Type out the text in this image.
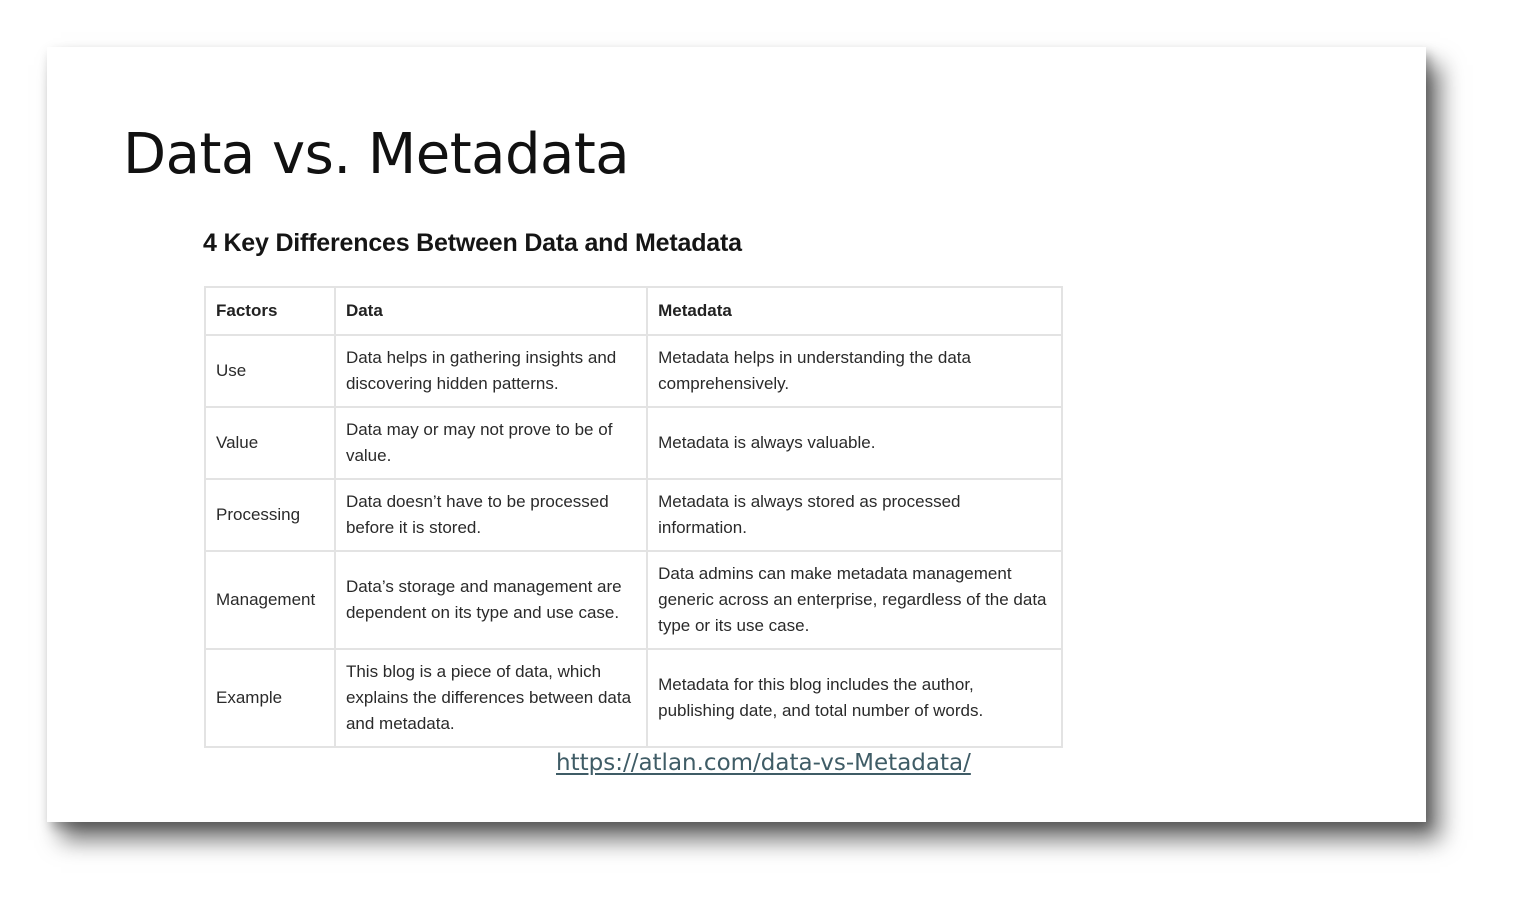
Data vs. Metadata
4 Key Differences Between Data and Metadata
Factors	Data	Metadata
Use	Data helps in gathering insights and discovering hidden patterns.	Metadata helps in understanding the data comprehensively.
Value	Data may or may not prove to be of value.	Metadata is always valuable.
Processing	Data doesn’t have to be processed before it is stored.	Metadata is always stored as processed information.
Management	Data’s storage and management are dependent on its type and use case.	Data admins can make metadata management generic across an enterprise, regardless of the data type or its use case.
Example	This blog is a piece of data, which explains the differences between data and metadata.	Metadata for this blog includes the author, publishing date, and total number of words.
https://atlan.com/data-vs-Metadata/
